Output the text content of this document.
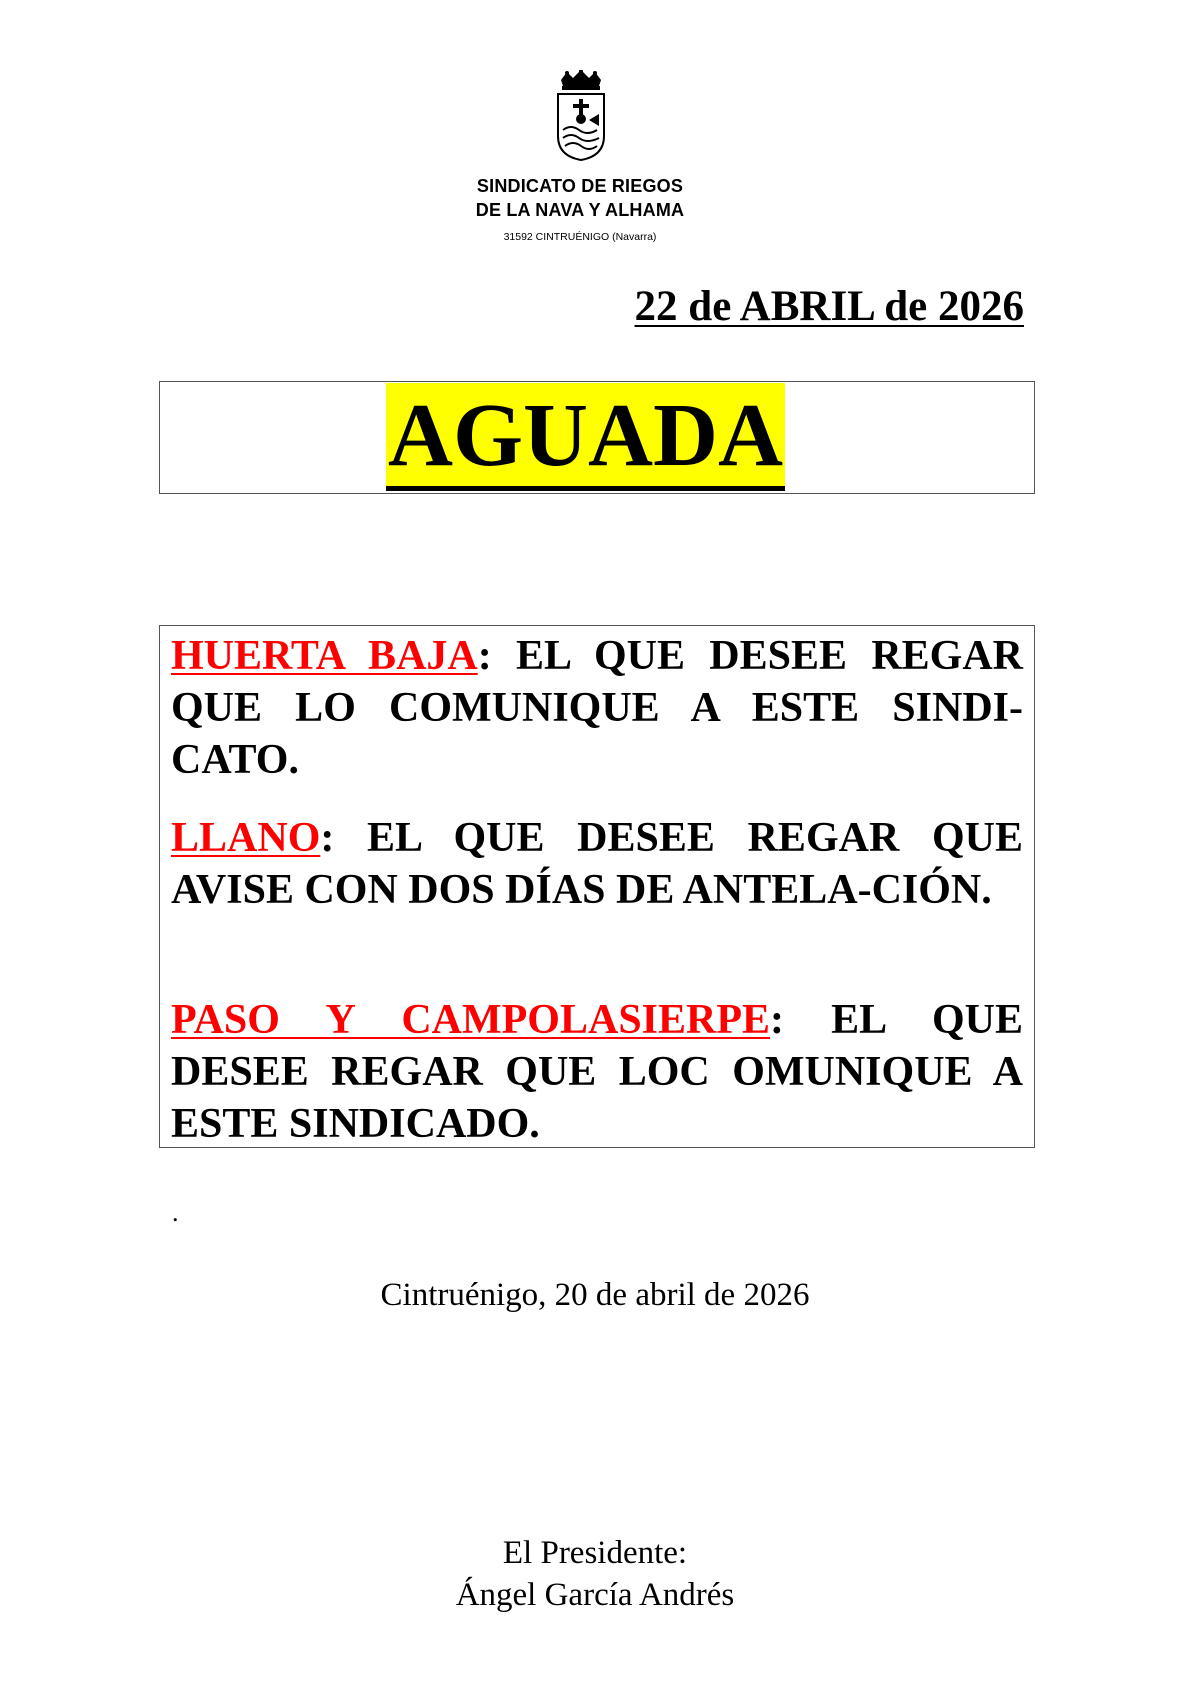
SINDICATO DE RIEGOS
DE LA NAVA Y ALHAMA
31592 CINTRUÉNIGO (Navarra)
22 de ABRIL de 2026
AGUADA
HUERTA BAJA: EL QUE DESEE REGAR QUE LO COMUNIQUE A ESTE SINDI-CATO.
LLANO: EL QUE DESEE REGAR QUE AVISE CON DOS DÍAS DE ANTELA-CIÓN.
PASO Y CAMPOLASIERPE: EL QUE DESEE REGAR QUE LOC OMUNIQUE A ESTE SINDICADO.
.
Cintruénigo, 20 de abril de 2026
El Presidente:
Ángel García Andrés
